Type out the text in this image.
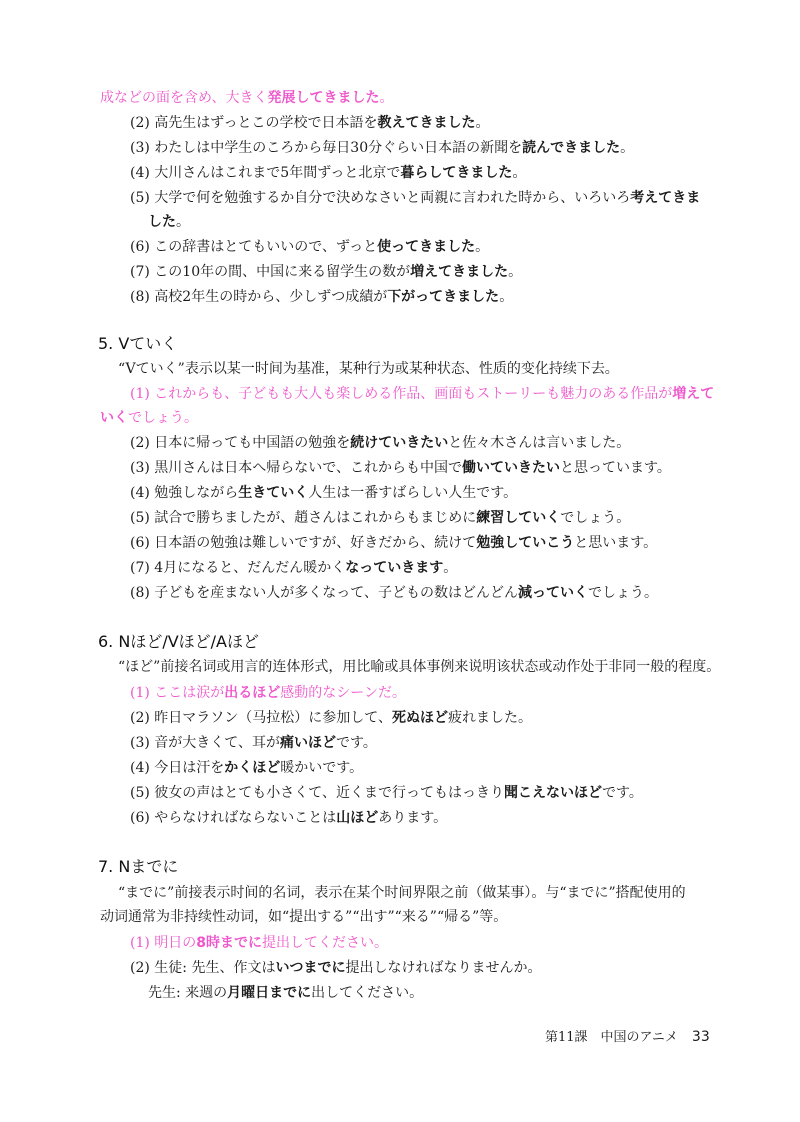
成などの面を含め、大きく発展してきました。
(2) 高先生はずっとこの学校で日本語を教えてきました。
(3) わたしは中学生のころから毎日30分ぐらい日本語の新聞を読んできました。
(4) 大川さんはこれまで5年間ずっと北京で暮らしてきました。
(5) 大学で何を勉強するか自分で決めなさいと両親に言われた時から、いろいろ考えてきま
した。
(6) この辞書はとてもいいので、ずっと使ってきました。
(7) この10年の間、中国に来る留学生の数が増えてきました。
(8) 高校2年生の時から、少しずつ成績が下がってきました。
5. Vていく
“Vていく”表示以某一时间为基准，某种行为或某种状态、性质的变化持续下去。
(1) これからも、子どもも大人も楽しめる作品、画面もストーリーも魅力のある作品が増えて
いくでしょう。
(2) 日本に帰っても中国語の勉強を続けていきたいと佐々木さんは言いました。
(3) 黒川さんは日本へ帰らないで、これからも中国で働いていきたいと思っています。
(4) 勉強しながら生きていく人生は一番すばらしい人生です。
(5) 試合で勝ちましたが、趙さんはこれからもまじめに練習していくでしょう。
(6) 日本語の勉強は難しいですが、好きだから、続けて勉強していこうと思います。
(7) 4月になると、だんだん暖かくなっていきます。
(8) 子どもを産まない人が多くなって、子どもの数はどんどん減っていくでしょう。
6. Nほど/Vほど/Aほど
“ほど”前接名词或用言的连体形式，用比喻或具体事例来说明该状态或动作处于非同一般的程度。
(1) ここは涙が出るほど感動的なシーンだ。
(2) 昨日マラソン（马拉松）に参加して、死ぬほど疲れました。
(3) 音が大きくて、耳が痛いほどです。
(4) 今日は汗をかくほど暖かいです。
(5) 彼女の声はとても小さくて、近くまで行ってもはっきり聞こえないほどです。
(6) やらなければならないことは山ほどあります。
7. Nまでに
“までに”前接表示时间的名词，表示在某个时间界限之前（做某事）。与“までに”搭配使用的
动词通常为非持续性动词，如“提出する”“出す”“来る”“帰る”等。
(1) 明日の8時までに提出してください。
(2) 生徒: 先生、作文はいつまでに提出しなければなりませんか。
先生: 来週の月曜日までに出してください。
第11課　中国のアニメ 33
